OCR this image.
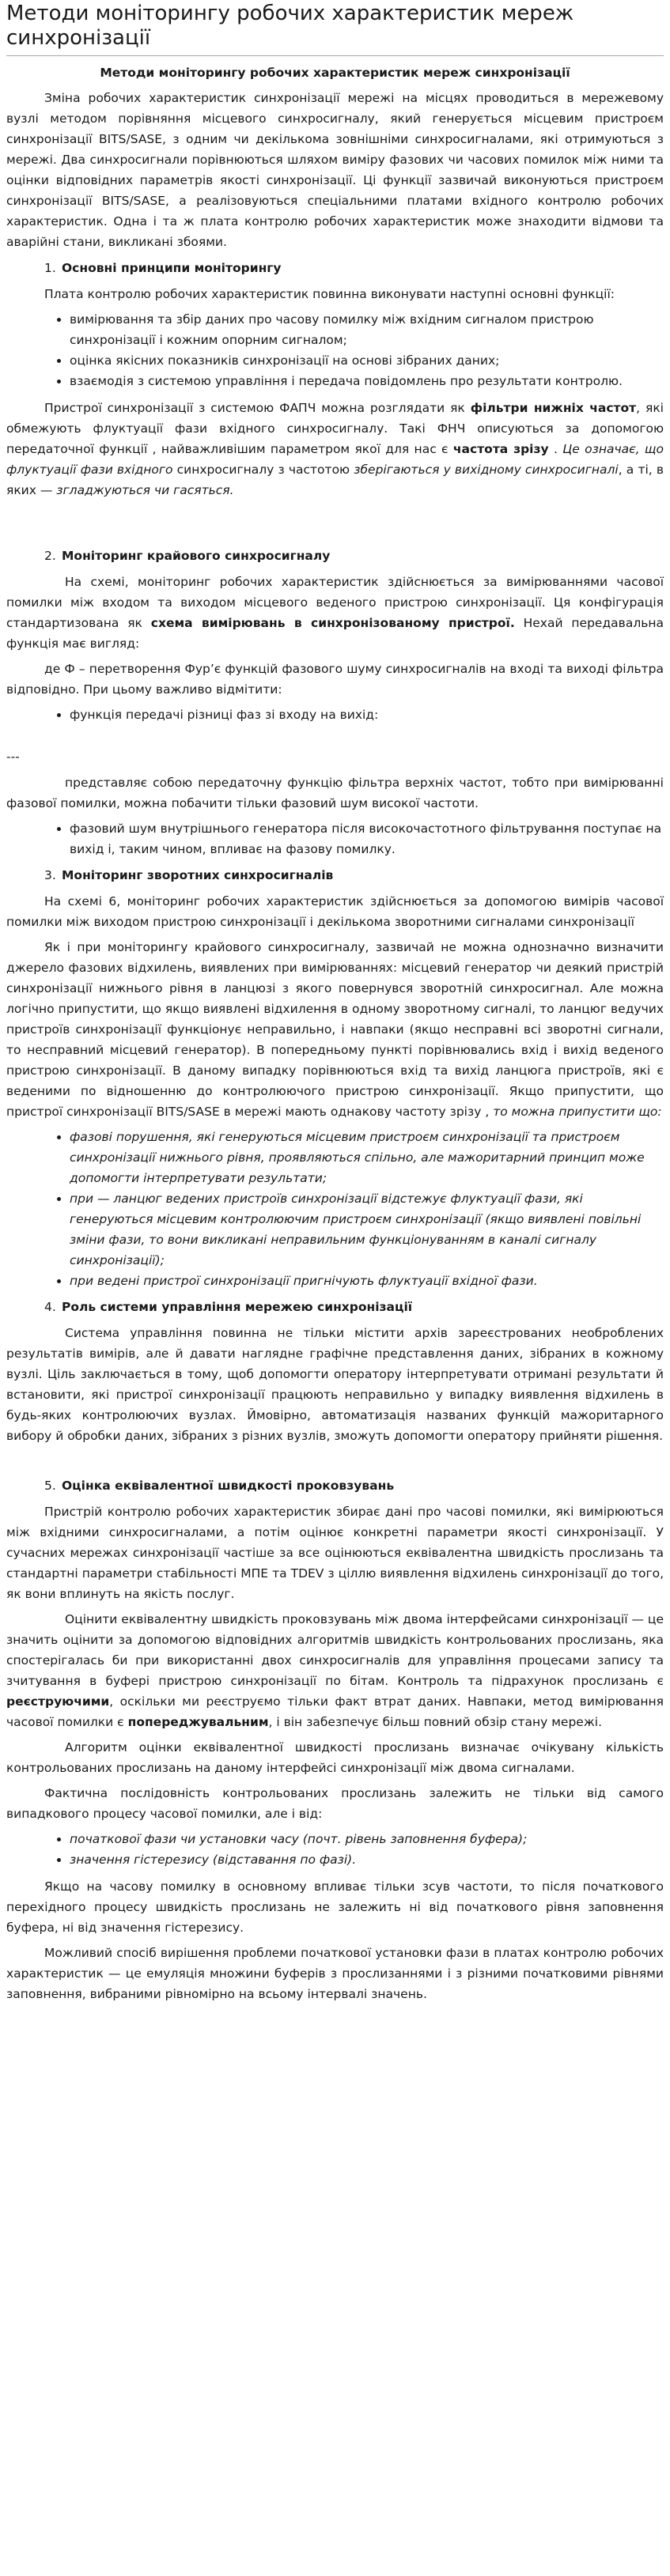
Методи моніторингу робочих характеристик мереж синхронізації
Методи моніторингу робочих характеристик мереж синхронізації

Зміна робочих характеристик синхронізації мережі на місцях проводиться в мережевому вузлі методом порівняння місцевого синхросигналу, який генерується місцевим пристроєм синхронізації BITS/SASE, з одним чи декількома зовнішніми синхросигналами, які отримуються з мережі. Два синхросигнали порівнюються шляхом виміру фазових чи часових помилок між ними та оцінки відповідних параметрів якості синхронізації. Ці функції зазвичай виконуються пристроєм синхронізації BITS/SASE, а реалізовуються спеціальними платами вхідного контролю робочих характеристик. Одна і та ж плата контролю робочих характеристик може знаходити відмови та аварійні стани, викликані збоями.

1. Основні принципи моніторингу

Плата контролю робочих характеристик повинна виконувати наступні основні функції:

• вимірювання та збір даних про часову помилку між вхідним сигналом пристрою синхронізації і кожним опорним сигналом;
• оцінка якісних показників синхронізації на основі зібраних даних;
• взаємодія з системою управління і передача повідомлень про результати контролю.

Пристрої синхронізації з системою ФАПЧ можна розглядати як фільтри нижніх частот, які обмежують флуктуації фази вхідного синхросигналу. Такі ФНЧ описуються за допомогою передаточної функції , найважливішим параметром якої для нас є частота зрізу . Це означає, що флуктуації фази вхідного синхросигналу з частотою зберігаються у вихідному синхросигналі, а ті, в яких — згладжуються чи гасяться.

2. Моніторинг крайового синхросигналу

На схемі, моніторинг робочих характеристик здійснюється за вимірюваннями часової помилки між входом та виходом місцевого веденого пристрою синхронізації. Ця конфігурація стандартизована як схема вимірювань в синхронізованому пристрої. Нехай передавальна функція має вигляд:

де Ф – перетворення Фур’є функцій фазового шуму синхросигналів на вході та виході фільтра відповідно. При цьому важливо відмітити:

• функція передачі різниці фаз зі входу на вихід:
---

представляє собою передаточну функцію фільтра верхніх частот, тобто при вимірюванні фазової помилки, можна побачити тільки фазовий шум високої частоти.

• фазовий шум внутрішнього генератора після високочастотного фільтрування поступає на вихід і, таким чином, впливає на фазову помилку.
3. Моніторинг зворотних синхросигналів

На схемі 6, моніторинг робочих характеристик здійснюється за допомогою вимірів часової помилки між виходом пристрою синхронізації і декількома зворотними сигналами синхронізації

Як і при моніторингу крайового синхросигналу, зазвичай не можна однозначно визначити джерело фазових відхилень, виявлених при вимірюваннях: місцевий генератор чи деякий пристрій синхронізації нижнього рівня в ланцюзі з якого повернувся зворотній синхросигнал. Але можна логічно припустити, що якщо виявлені відхилення в одному зворотному сигналі, то ланцюг ведучих пристроїв синхронізації функціонує неправильно, і навпаки (якщо несправні всі зворотні сигнали, то несправний місцевий генератор). В попередньому пункті порівнювались вхід і вихід веденого пристрою синхронізації. В даному випадку порівнюються вхід та вихід ланцюга пристроїв, які є веденими по відношенню до контролюючого пристрою синхронізації. Якщо припустити, що пристрої синхронізації BITS/SASE в мережі мають однакову частоту зрізу , то можна припустити що:

• фазові порушення, які генеруються місцевим пристроєм синхронізації та пристроєм синхронізації нижнього рівня, проявляються спільно, але мажоритарний принцип може допомогти інтерпретувати результати;
• при — ланцюг ведених пристроїв синхронізації відстежує флуктуації фази, які генеруються місцевим контролюючим пристроєм синхронізації (якщо виявлені повільні зміни фази, то вони викликані неправильним функціонуванням в каналі сигналу синхронізації);
• при ведені пристрої синхронізації пригнічують флуктуації вхідної фази.
4. Роль системи управління мережею синхронізації

Система управління повинна не тільки містити архів зареєстрованих необроблених результатів вимірів, але й давати наглядне графічне представлення даних, зібраних в кожному вузлі. Ціль заключається в тому, щоб допомогти оператору інтерпретувати отримані результати й встановити, які пристрої синхронізації працюють неправильно у випадку виявлення відхилень в будь-яких контролюючих вузлах. Ймовірно, автоматизація названих функцій мажоритарного вибору й обробки даних, зібраних з різних вузлів, зможуть допомогти оператору прийняти рішення.

5. Оцінка еквівалентної швидкості проковзувань

Пристрій контролю робочих характеристик збирає дані про часові помилки, які вимірюються між вхідними синхросигналами, а потім оцінює конкретні параметри якості синхронізації. У сучасних мережах синхронізації частіше за все оцінюються еквівалентна швидкість прослизань та стандартні параметри стабільності МПЕ та TDEV з ціллю виявлення відхилень синхронізації до того, як вони вплинуть на якість послуг.

Оцінити еквівалентну швидкість проковзувань між двома інтерфейсами синхронізації — це значить оцінити за допомогою відповідних алгоритмів швидкість контрольованих прослизань, яка спостерігалась би при використанні двох синхросигналів для управління процесами запису та зчитування в буфері пристрою синхронізації по бітам. Контроль та підрахунок прослизань є реєструючими, оскільки ми реєструємо тільки факт втрат даних. Навпаки, метод вимірювання часової помилки є попереджувальним, і він забезпечує більш повний обзір стану мережі.

Алгоритм оцінки еквівалентної швидкості прослизань визначає очікувану кількість контрольованих прослизань на даному інтерфейсі синхронізації між двома сигналами.

Фактична послідовність контрольованих прослизань залежить не тільки від самого випадкового процесу часової помилки, але і від:

• початкової фази чи установки часу (почт. рівень заповнення буфера);
• значення гістерезису (відставання по фазі).

Якщо на часову помилку в основному впливає тільки зсув частоти, то після початкового перехідного процесу швидкість прослизань не залежить ні від початкового рівня заповнення буфера, ні від значення гістерезису.

Можливий спосіб вирішення проблеми початкової установки фази в платах контролю робочих характеристик — це емуляція множини буферів з прослизаннями і з різними початковими рівнями заповнення, вибраними рівномірно на всьому інтервалі значень.
